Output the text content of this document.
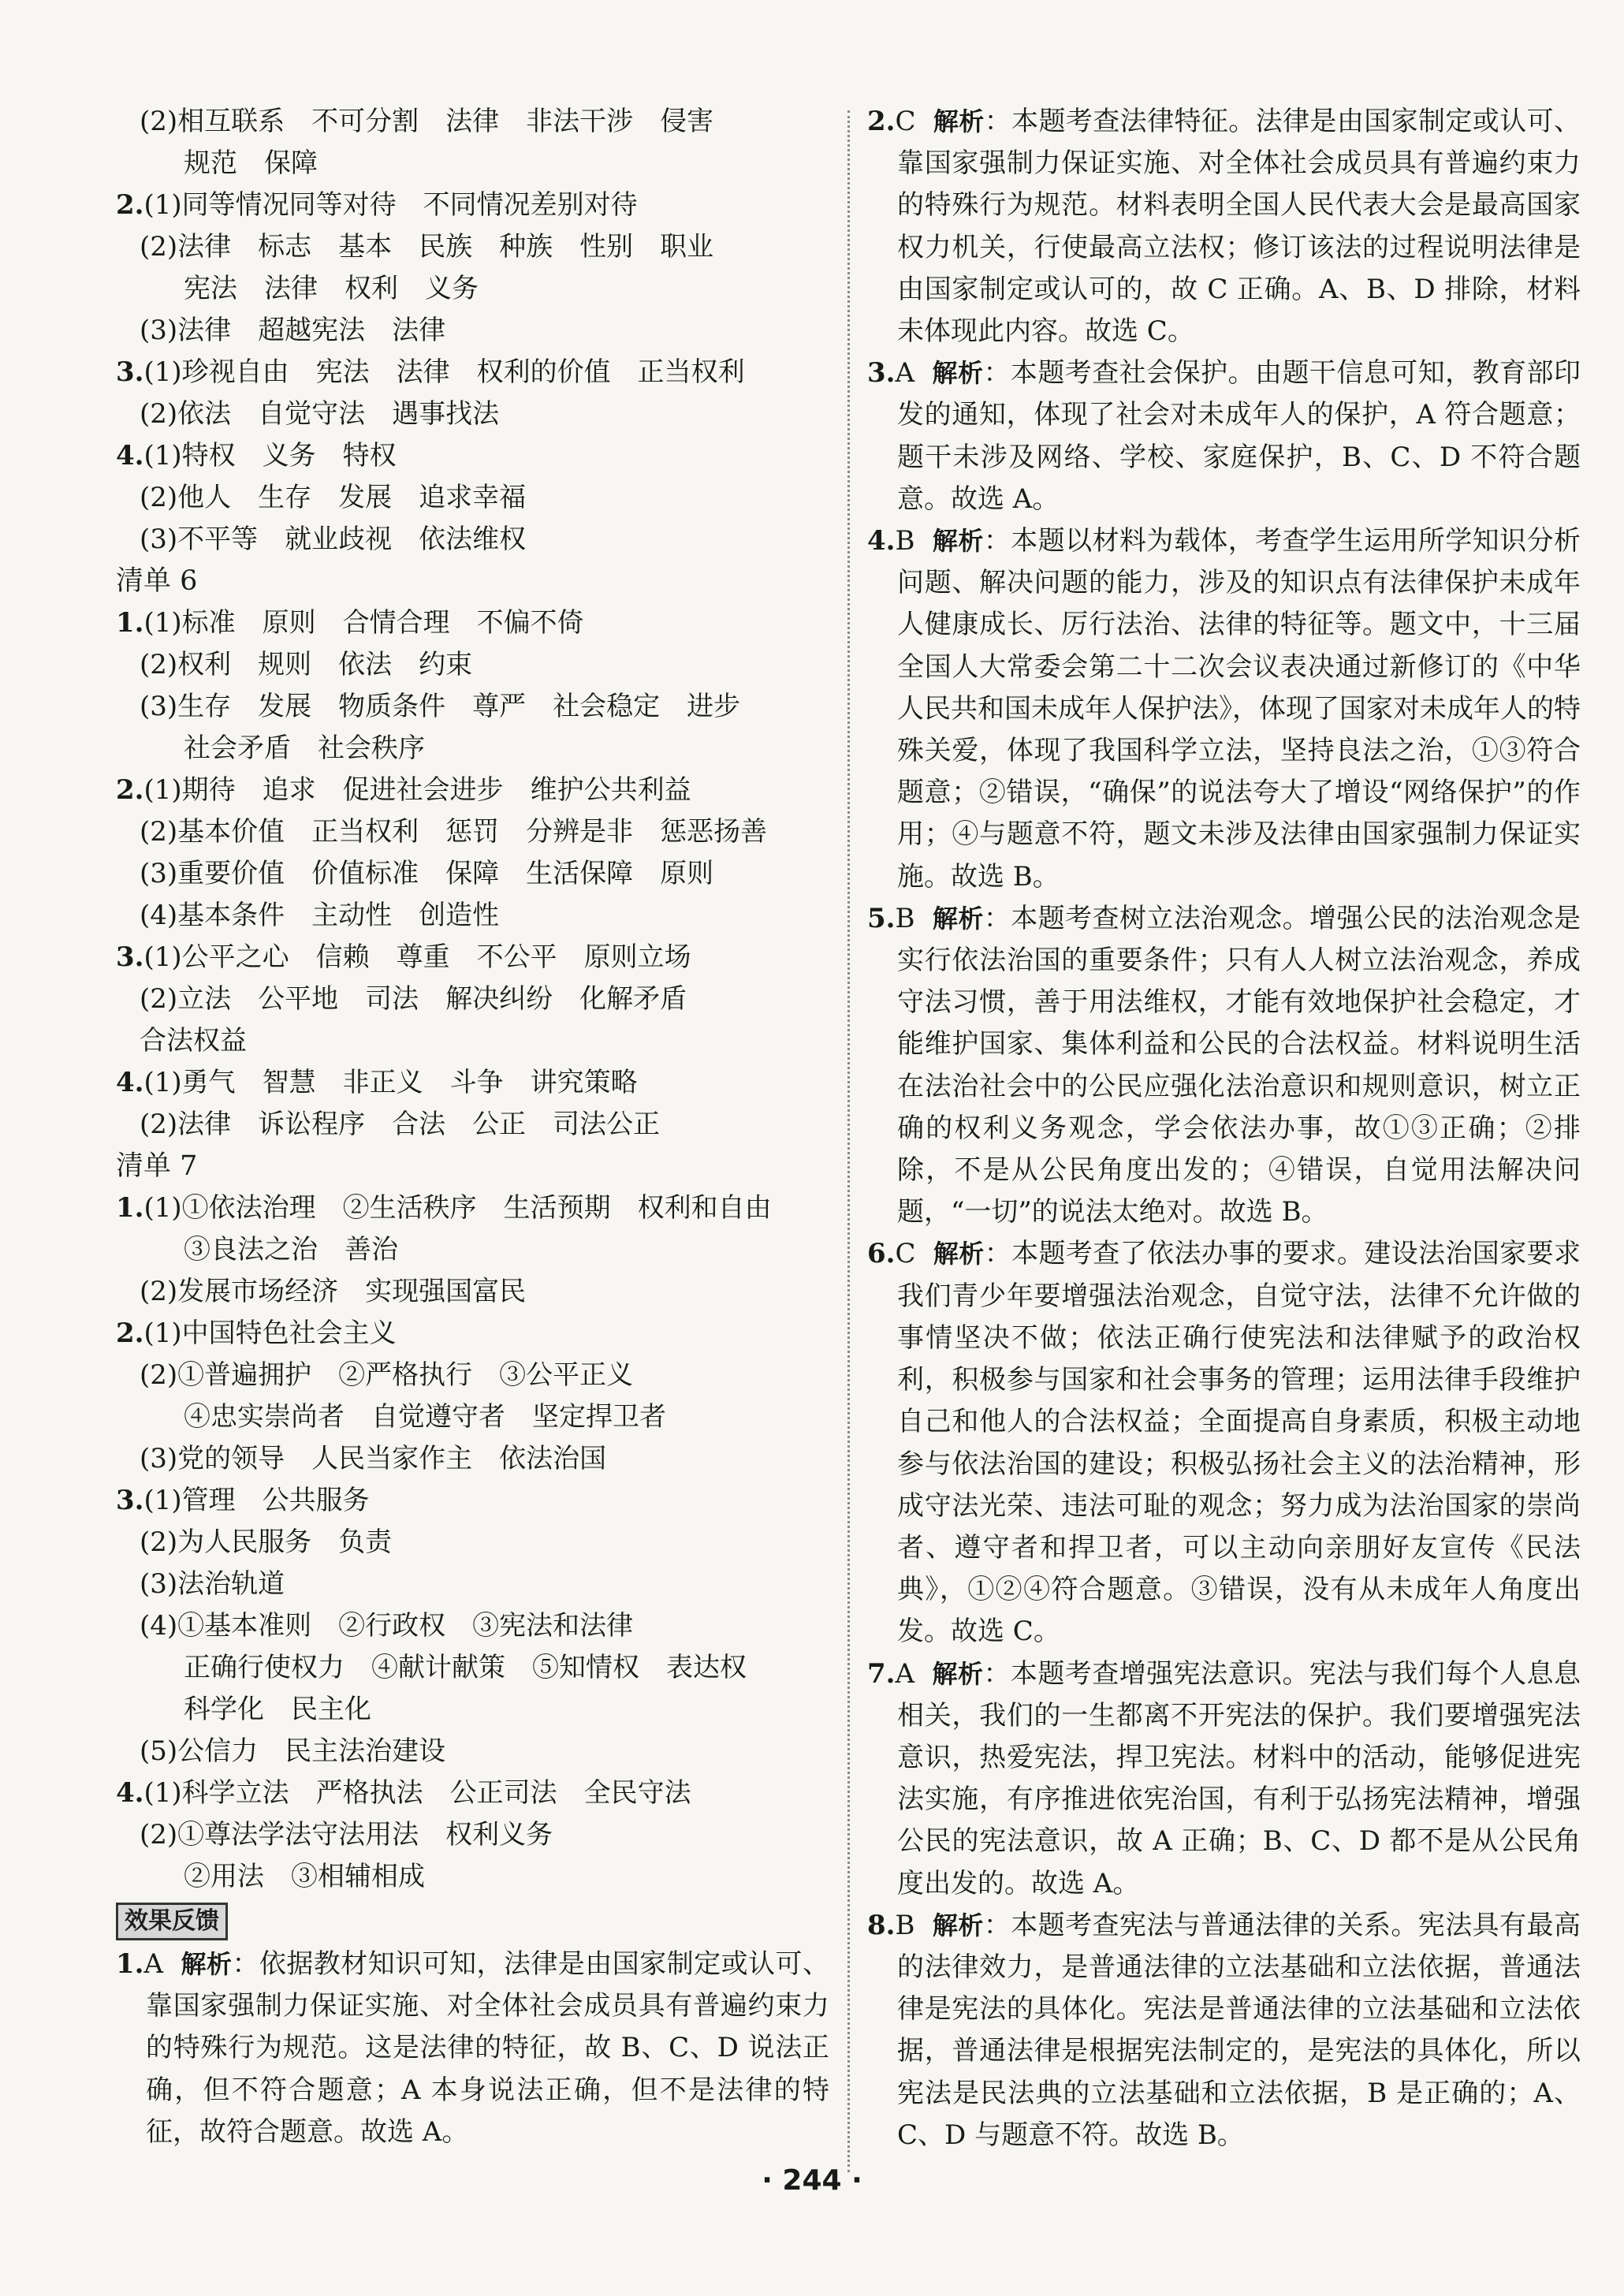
(2)相互联系　不可分割　法律　非法干涉　侵害
规范　保障
2.(1)同等情况同等对待　不同情况差别对待
(2)法律　标志　基本　民族　种族　性别　职业
宪法　法律　权利　义务
(3)法律　超越宪法　法律
3.(1)珍视自由　宪法　法律　权利的价值　正当权利
(2)依法　自觉守法　遇事找法
4.(1)特权　义务　特权
(2)他人　生存　发展　追求幸福
(3)不平等　就业歧视　依法维权
清单 6
1.(1)标准　原则　合情合理　不偏不倚
(2)权利　规则　依法　约束
(3)生存　发展　物质条件　尊严　社会稳定　进步
社会矛盾　社会秩序
2.(1)期待　追求　促进社会进步　维护公共利益
(2)基本价值　正当权利　惩罚　分辨是非　惩恶扬善
(3)重要价值　价值标准　保障　生活保障　原则
(4)基本条件　主动性　创造性
3.(1)公平之心　信赖　尊重　不公平　原则立场
(2)立法　公平地　司法　解决纠纷　化解矛盾
合法权益
4.(1)勇气　智慧　非正义　斗争　讲究策略
(2)法律　诉讼程序　合法　公正　司法公正
清单 7
1.(1)①依法治理　②生活秩序　生活预期　权利和自由
③良法之治　善治
(2)发展市场经济　实现强国富民
2.(1)中国特色社会主义
(2)①普遍拥护　②严格执行　③公平正义
④忠实崇尚者　自觉遵守者　坚定捍卫者
(3)党的领导　人民当家作主　依法治国
3.(1)管理　公共服务
(2)为人民服务　负责
(3)法治轨道
(4)①基本准则　②行政权　③宪法和法律
正确行使权力　④献计献策　⑤知情权　表达权
科学化　民主化
(5)公信力　民主法治建设
4.(1)科学立法　严格执法　公正司法　全民守法
(2)①尊法学法守法用法　权利义务
②用法　③相辅相成
效果反馈
1.A 解析：依据教材知识可知，法律是由国家制定或认可、靠国家强制力保证实施、对全体社会成员具有普遍约束力的特殊行为规范。这是法律的特征，故 B、C、D 说法正确，但不符合题意；A 本身说法正确，但不是法律的特征，故符合题意。故选 A。
2.C 解析：本题考查法律特征。法律是由国家制定或认可、靠国家强制力保证实施、对全体社会成员具有普遍约束力的特殊行为规范。材料表明全国人民代表大会是最高国家权力机关，行使最高立法权；修订该法的过程说明法律是由国家制定或认可的，故 C 正确。A、B、D 排除，材料未体现此内容。故选 C。
3.A 解析：本题考查社会保护。由题干信息可知，教育部印发的通知，体现了社会对未成年人的保护，A 符合题意；题干未涉及网络、学校、家庭保护，B、C、D 不符合题意。故选 A。
4.B 解析：本题以材料为载体，考查学生运用所学知识分析问题、解决问题的能力，涉及的知识点有法律保护未成年人健康成长、厉行法治、法律的特征等。题文中，十三届全国人大常委会第二十二次会议表决通过新修订的《中华人民共和国未成年人保护法》，体现了国家对未成年人的特殊关爱，体现了我国科学立法，坚持良法之治，①③符合题意；②错误，“确保”的说法夸大了增设“网络保护”的作用；④与题意不符，题文未涉及法律由国家强制力保证实施。故选 B。
5.B 解析：本题考查树立法治观念。增强公民的法治观念是实行依法治国的重要条件；只有人人树立法治观念，养成守法习惯，善于用法维权，才能有效地保护社会稳定，才能维护国家、集体利益和公民的合法权益。材料说明生活在法治社会中的公民应强化法治意识和规则意识，树立正确的权利义务观念，学会依法办事，故①③正确；②排除，不是从公民角度出发的；④错误，自觉用法解决问题，“一切”的说法太绝对。故选 B。
6.C 解析：本题考查了依法办事的要求。建设法治国家要求我们青少年要增强法治观念，自觉守法，法律不允许做的事情坚决不做；依法正确行使宪法和法律赋予的政治权利，积极参与国家和社会事务的管理；运用法律手段维护自己和他人的合法权益；全面提高自身素质，积极主动地参与依法治国的建设；积极弘扬社会主义的法治精神，形成守法光荣、违法可耻的观念；努力成为法治国家的崇尚者、遵守者和捍卫者，可以主动向亲朋好友宣传《民法典》，①②④符合题意。③错误，没有从未成年人角度出发。故选 C。
7.A 解析：本题考查增强宪法意识。宪法与我们每个人息息相关，我们的一生都离不开宪法的保护。我们要增强宪法意识，热爱宪法，捍卫宪法。材料中的活动，能够促进宪法实施，有序推进依宪治国，有利于弘扬宪法精神，增强公民的宪法意识，故 A 正确；B、C、D 都不是从公民角度出发的。故选 A。
8.B 解析：本题考查宪法与普通法律的关系。宪法具有最高的法律效力，是普通法律的立法基础和立法依据，普通法律是宪法的具体化。宪法是普通法律的立法基础和立法依据，普通法律是根据宪法制定的，是宪法的具体化，所以宪法是民法典的立法基础和立法依据，B 是正确的；A、C、D 与题意不符。故选 B。
· 244 ·
